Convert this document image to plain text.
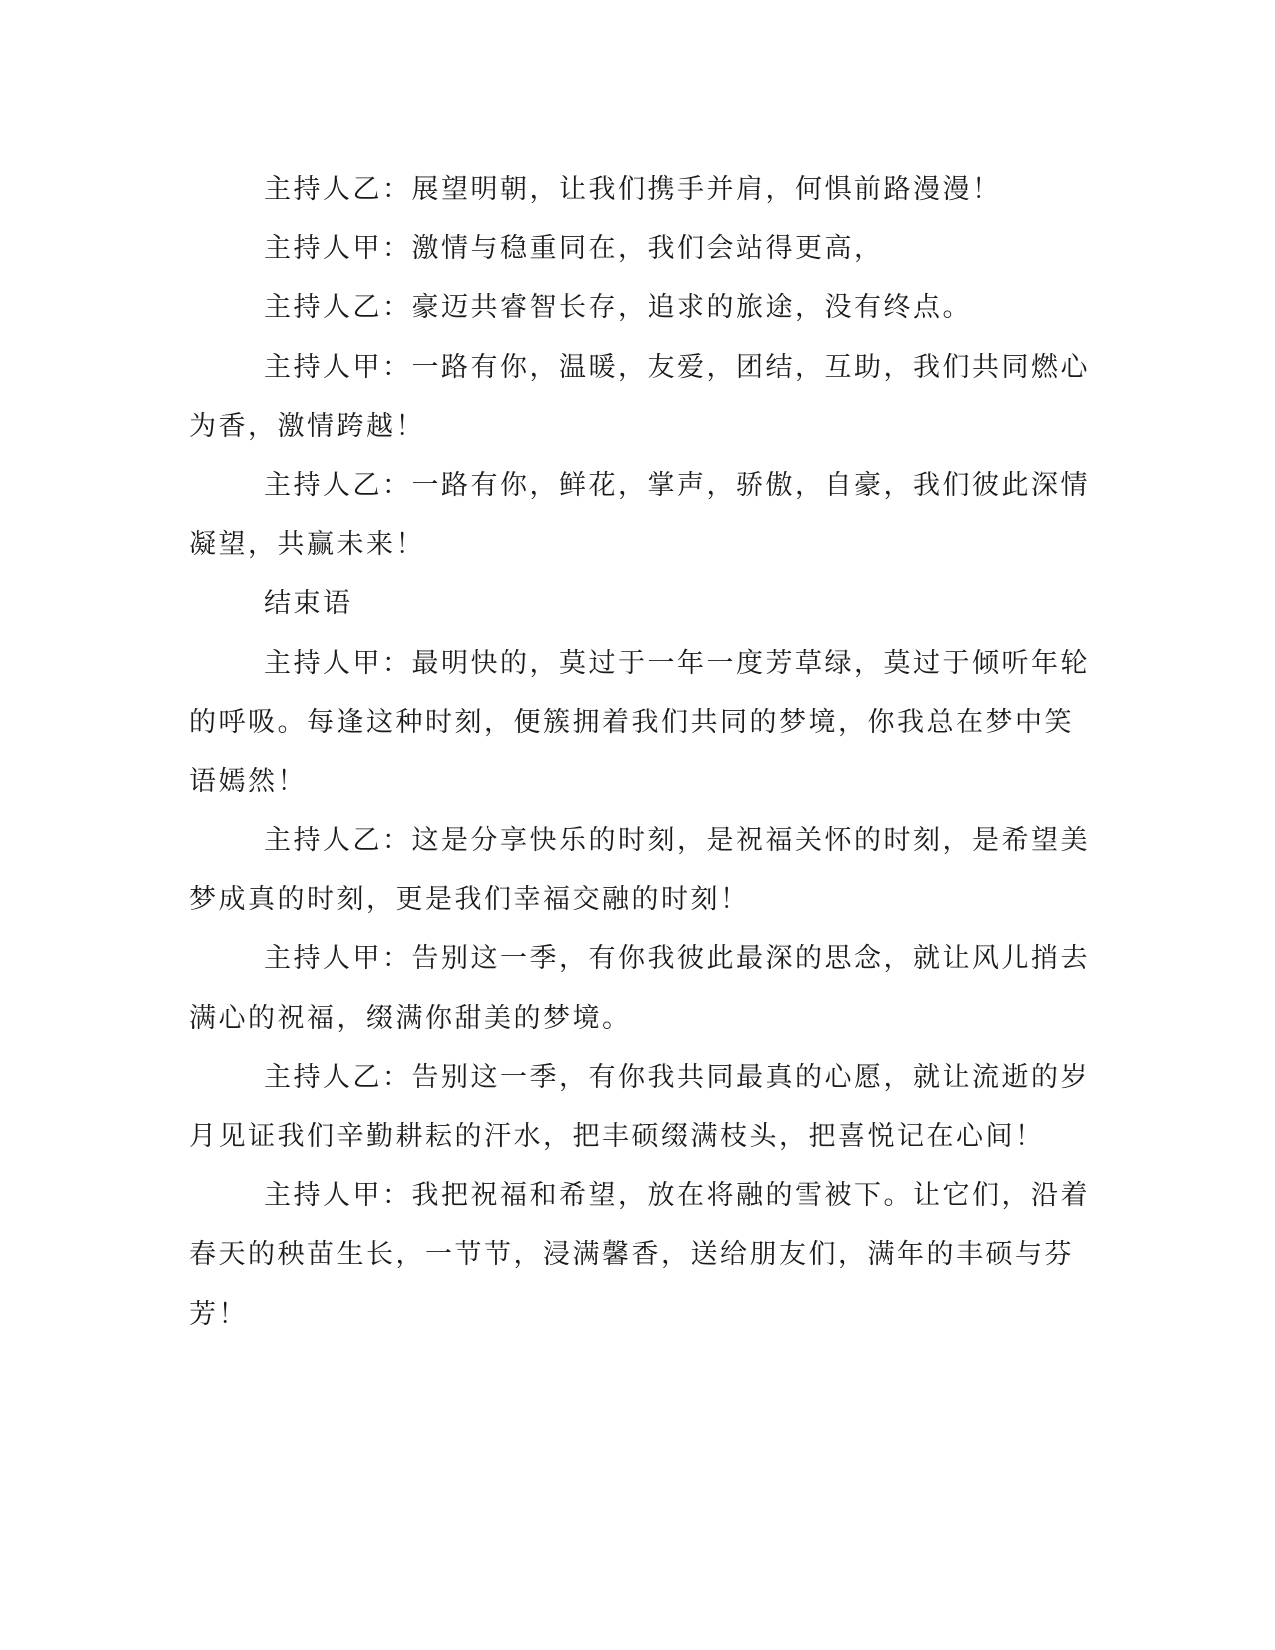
主持人乙：展望明朝，让我们携手并肩，何惧前路漫漫！

主持人甲：激情与稳重同在，我们会站得更高，

主持人乙：豪迈共睿智长存，追求的旅途，没有终点。

主持人甲：一路有你，温暖，友爱，团结，互助，我们共同燃心

为香，激情跨越！

主持人乙：一路有你，鲜花，掌声，骄傲，自豪，我们彼此深情

凝望，共赢未来！

结束语

主持人甲：最明快的，莫过于一年一度芳草绿，莫过于倾听年轮

的呼吸。每逢这种时刻，便簇拥着我们共同的梦境，你我总在梦中笑

语嫣然！

主持人乙：这是分享快乐的时刻，是祝福关怀的时刻，是希望美

梦成真的时刻，更是我们幸福交融的时刻！

主持人甲：告别这一季，有你我彼此最深的思念，就让风儿捎去

满心的祝福，缀满你甜美的梦境。

主持人乙：告别这一季，有你我共同最真的心愿，就让流逝的岁

月见证我们辛勤耕耘的汗水，把丰硕缀满枝头，把喜悦记在心间！

主持人甲：我把祝福和希望，放在将融的雪被下。让它们，沿着

春天的秧苗生长，一节节，浸满馨香，送给朋友们，满年的丰硕与芬

芳！
